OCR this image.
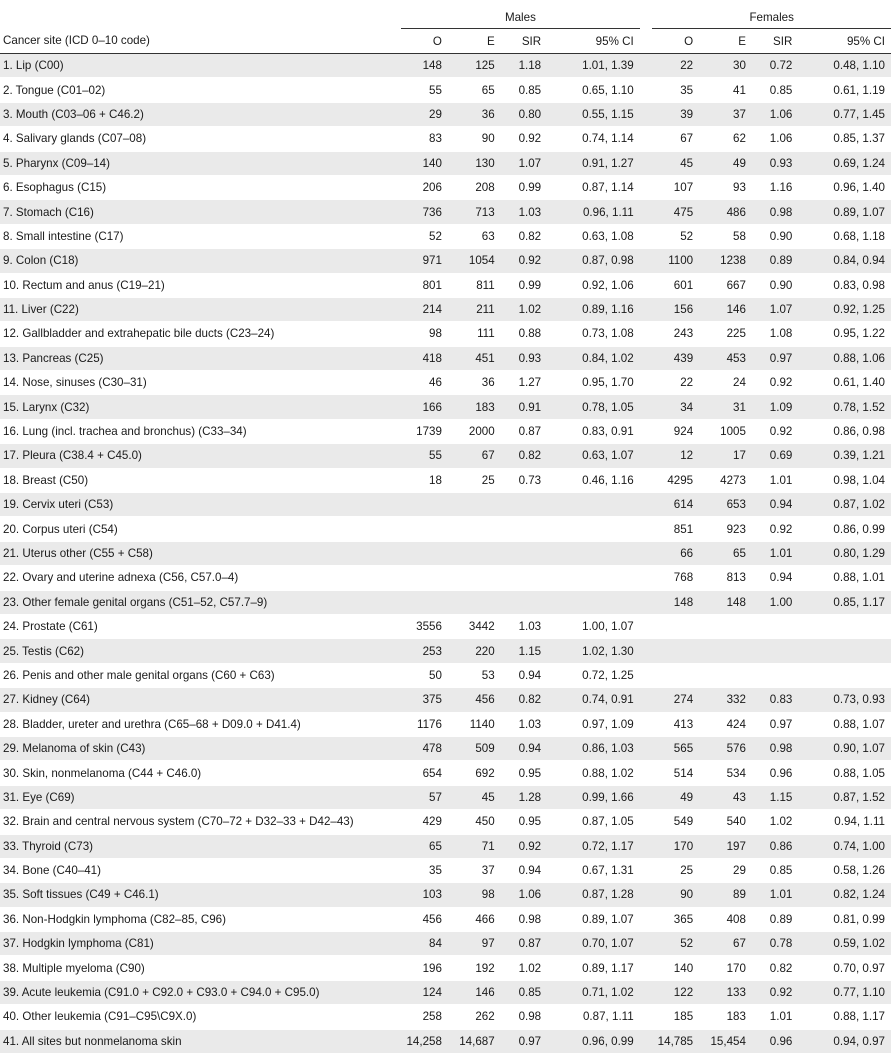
	Males					Females			
Cancer site (ICD 0–10 code)	O	E	SIR	95% CI		O	E	SIR	95% CI
1. Lip (C00)	148	125	1.18	1.01, 1.39		22	30	0.72	0.48, 1.10
2. Tongue (C01–02)	55	65	0.85	0.65, 1.10		35	41	0.85	0.61, 1.19
3. Mouth (C03–06 + C46.2)	29	36	0.80	0.55, 1.15		39	37	1.06	0.77, 1.45
4. Salivary glands (C07–08)	83	90	0.92	0.74, 1.14		67	62	1.06	0.85, 1.37
5. Pharynx (C09–14)	140	130	1.07	0.91, 1.27		45	49	0.93	0.69, 1.24
6. Esophagus (C15)	206	208	0.99	0.87, 1.14		107	93	1.16	0.96, 1.40
7. Stomach (C16)	736	713	1.03	0.96, 1.11		475	486	0.98	0.89, 1.07
8. Small intestine (C17)	52	63	0.82	0.63, 1.08		52	58	0.90	0.68, 1.18
9. Colon (C18)	971	1054	0.92	0.87, 0.98		1100	1238	0.89	0.84, 0.94
10. Rectum and anus (C19–21)	801	811	0.99	0.92, 1.06		601	667	0.90	0.83, 0.98
11. Liver (C22)	214	211	1.02	0.89, 1.16		156	146	1.07	0.92, 1.25
12. Gallbladder and extrahepatic bile ducts (C23–24)	98	111	0.88	0.73, 1.08		243	225	1.08	0.95, 1.22
13. Pancreas (C25)	418	451	0.93	0.84, 1.02		439	453	0.97	0.88, 1.06
14. Nose, sinuses (C30–31)	46	36	1.27	0.95, 1.70		22	24	0.92	0.61, 1.40
15. Larynx (C32)	166	183	0.91	0.78, 1.05		34	31	1.09	0.78, 1.52
16. Lung (incl. trachea and bronchus) (C33–34)	1739	2000	0.87	0.83, 0.91		924	1005	0.92	0.86, 0.98
17. Pleura (C38.4 + C45.0)	55	67	0.82	0.63, 1.07		12	17	0.69	0.39, 1.21
18. Breast (C50)	18	25	0.73	0.46, 1.16		4295	4273	1.01	0.98, 1.04
19. Cervix uteri (C53)						614	653	0.94	0.87, 1.02
20. Corpus uteri (C54)						851	923	0.92	0.86, 0.99
21. Uterus other (C55 + C58)						66	65	1.01	0.80, 1.29
22. Ovary and uterine adnexa (C56, C57.0–4)						768	813	0.94	0.88, 1.01
23. Other female genital organs (C51–52, C57.7–9)						148	148	1.00	0.85, 1.17
24. Prostate (C61)	3556	3442	1.03	1.00, 1.07					
25. Testis (C62)	253	220	1.15	1.02, 1.30					
26. Penis and other male genital organs (C60 + C63)	50	53	0.94	0.72, 1.25					
27. Kidney (C64)	375	456	0.82	0.74, 0.91		274	332	0.83	0.73, 0.93
28. Bladder, ureter and urethra (C65–68 + D09.0 + D41.4)	1176	1140	1.03	0.97, 1.09		413	424	0.97	0.88, 1.07
29. Melanoma of skin (C43)	478	509	0.94	0.86, 1.03		565	576	0.98	0.90, 1.07
30. Skin, nonmelanoma (C44 + C46.0)	654	692	0.95	0.88, 1.02		514	534	0.96	0.88, 1.05
31. Eye (C69)	57	45	1.28	0.99, 1.66		49	43	1.15	0.87, 1.52
32. Brain and central nervous system (C70–72 + D32–33 + D42–43)	429	450	0.95	0.87, 1.05		549	540	1.02	0.94, 1.11
33. Thyroid (C73)	65	71	0.92	0.72, 1.17		170	197	0.86	0.74, 1.00
34. Bone (C40–41)	35	37	0.94	0.67, 1.31		25	29	0.85	0.58, 1.26
35. Soft tissues (C49 + C46.1)	103	98	1.06	0.87, 1.28		90	89	1.01	0.82, 1.24
36. Non-Hodgkin lymphoma (C82–85, C96)	456	466	0.98	0.89, 1.07		365	408	0.89	0.81, 0.99
37. Hodgkin lymphoma (C81)	84	97	0.87	0.70, 1.07		52	67	0.78	0.59, 1.02
38. Multiple myeloma (C90)	196	192	1.02	0.89, 1.17		140	170	0.82	0.70, 0.97
39. Acute leukemia (C91.0 + C92.0 + C93.0 + C94.0 + C95.0)	124	146	0.85	0.71, 1.02		122	133	0.92	0.77, 1.10
40. Other leukemia (C91–C95\C9X.0)	258	262	0.98	0.87, 1.11		185	183	1.01	0.88, 1.17
41. All sites but nonmelanoma skin	14,258	14,687	0.97	0.96, 0.99		14,785	15,454	0.96	0.94, 0.97
